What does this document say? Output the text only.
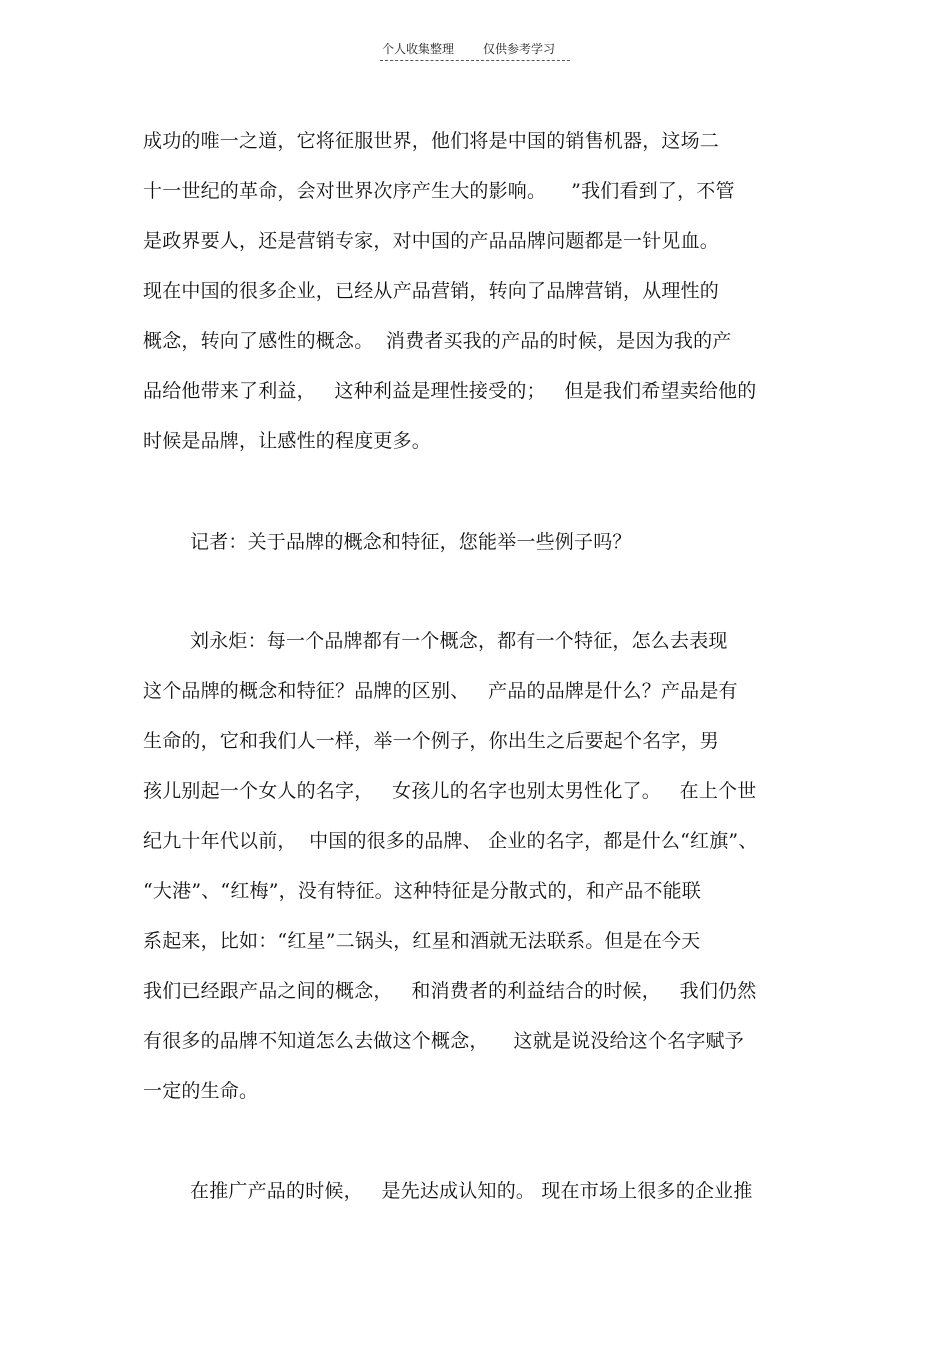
个人收集整理 仅供参考学习
成功的唯一之道，它将征服世界，他们将是中国的销售机器，这场二
十一世纪的革命，会对世界次序产生大的影响。    ”我们看到了，不管
是政界要人，还是营销专家，对中国的产品品牌问题都是一针见血。
现在中国的很多企业，已经从产品营销，转向了品牌营销，从理性的
概念，转向了感性的概念。  消费者买我的产品的时候，是因为我的产
品给他带来了利益，   这种利益是理性接受的；   但是我们希望卖给他的
时候是品牌，让感性的程度更多。
记者：关于品牌的概念和特征，您能举一些例子吗？
刘永炬：每一个品牌都有一个概念，都有一个特征，怎么去表现
这个品牌的概念和特征？品牌的区别、   产品的品牌是什么？产品是有
生命的，它和我们人一样，举一个例子，你出生之后要起个名字，男
孩儿别起一个女人的名字，   女孩儿的名字也别太男性化了。   在上个世
纪九十年代以前，  中国的很多的品牌、 企业的名字，都是什么“红旗”、
“大港”、“红梅”，没有特征。这种特征是分散式的，和产品不能联
系起来，比如：“红星”二锅头，红星和酒就无法联系。但是在今天
我们已经跟产品之间的概念，   和消费者的利益结合的时候，   我们仍然
有很多的品牌不知道怎么去做这个概念，    这就是说没给这个名字赋予
一定的生命。
在推广产品的时候，   是先达成认知的。 现在市场上很多的企业推
